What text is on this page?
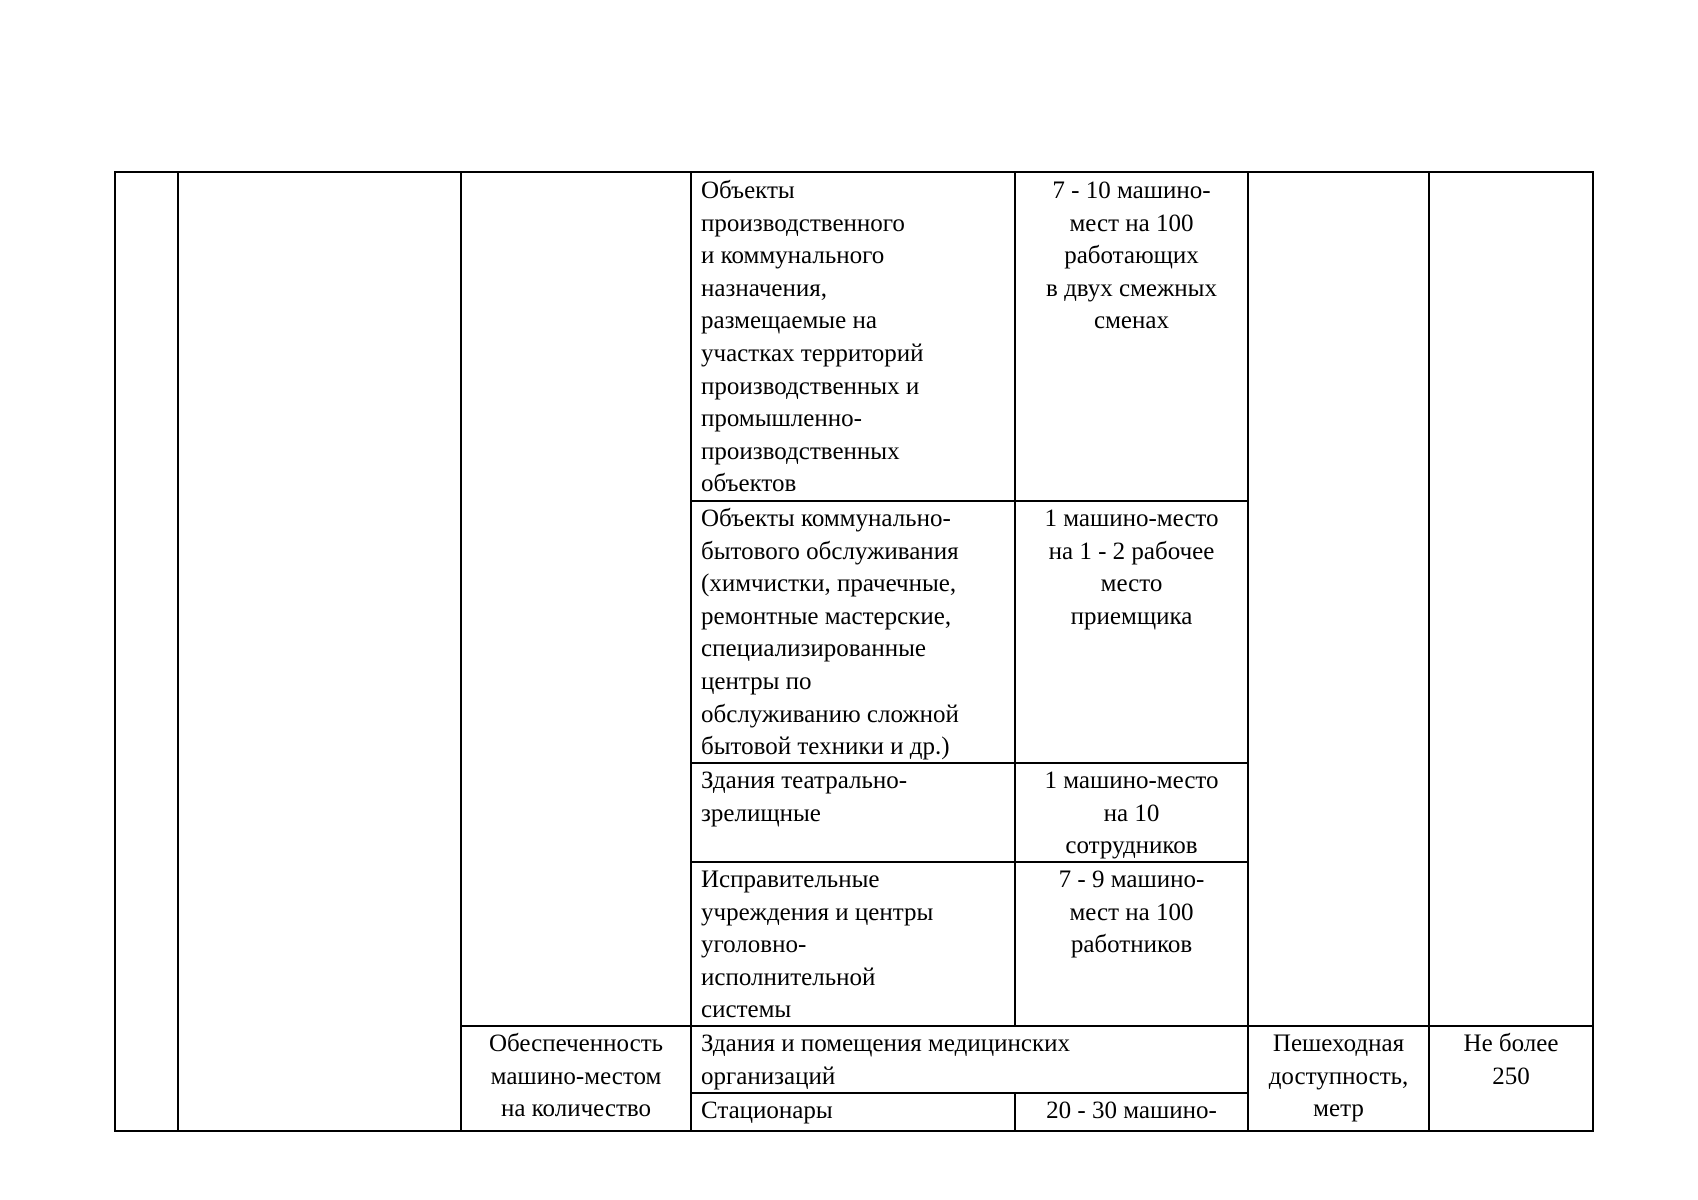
Объекты
производственного
и коммунального
назначения,
размещаемые на
участках территорий
производственных и
промышленно-
производственных
объектов

7 - 10 машино-
мест на 100
работающих
в двух смежных
сменах

Объекты коммунально-
бытового обслуживания
(химчистки, прачечные,
ремонтные мастерские,
специализированные
центры по
обслуживанию сложной
бытовой техники и др.)

1 машино-место
на 1 - 2 рабочее
место
приемщика

Здания театрально-
зрелищные

1 машино-место
на 10
сотрудников

Исправительные
учреждения и центры
уголовно-
исполнительной
системы

7 - 9 машино-
мест на 100
работников

Обеспеченность
машино-местом
на количество

Здания и помещения медицинских
организаций

Пешеходная
доступность,
метр

Не более
250

Стационары	20 - 30 машино-
